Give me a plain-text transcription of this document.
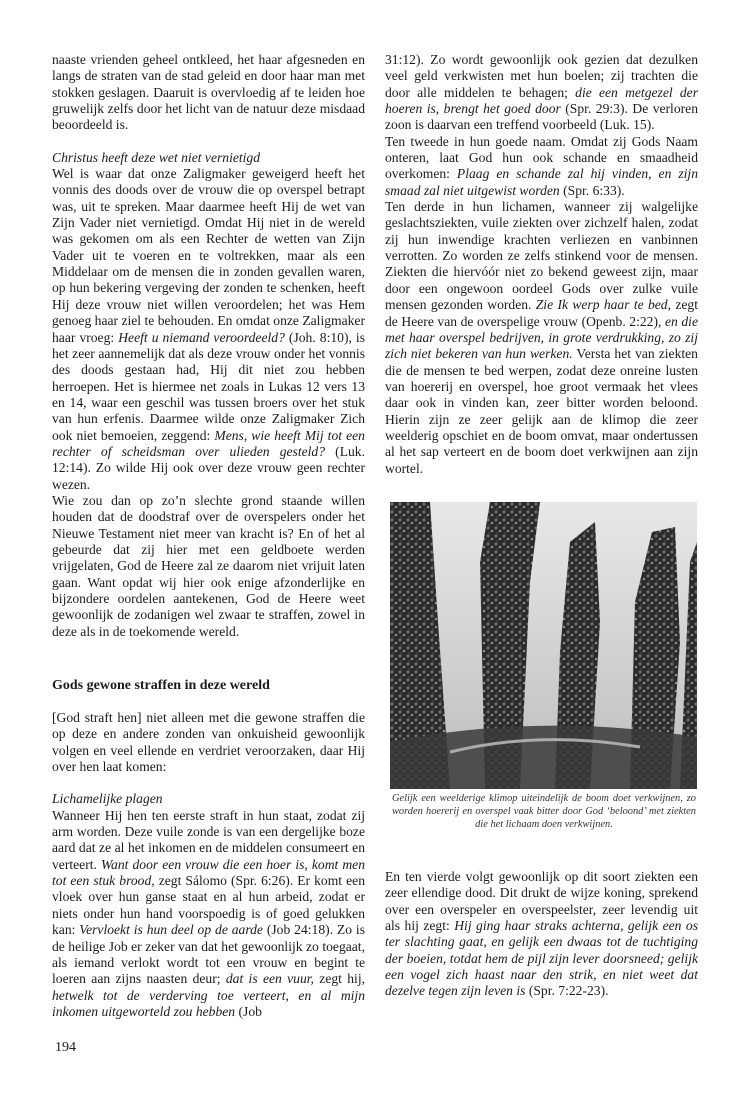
naaste vrienden geheel ontkleed, het haar afgesneden en langs de straten van de stad geleid en door haar man met stokken geslagen. Daaruit is overvloedig af te leiden hoe gruwelijk zelfs door het licht van de natuur deze misdaad beoordeeld is.

Christus heeft deze wet niet vernietigd

Wel is waar dat onze Zaligmaker geweigerd heeft het vonnis des doods over de vrouw die op overspel betrapt was, uit te spreken. Maar daarmee heeft Hij de wet van Zijn Vader niet vernietigd. Omdat Hij niet in de wereld was gekomen om als een Rechter de wetten van Zijn Vader uit te voeren en te voltrekken, maar als een Middelaar om de mensen die in zonden gevallen waren, op hun bekering vergeving der zonden te schenken, heeft Hij deze vrouw niet willen veroordelen; het was Hem genoeg haar ziel te behouden. En omdat onze Zaligmaker haar vroeg: Heeft u niemand veroordeeld? (Joh. 8:10), is het zeer aannemelijk dat als deze vrouw onder het vonnis des doods gestaan had, Hij dit niet zou hebben herroepen. Het is hiermee net zoals in Lukas 12 vers 13 en 14, waar een geschil was tussen broers over het stuk van hun erfenis. Daarmee wilde onze Zaligmaker Zich ook niet bemoeien, zeggend: Mens, wie heeft Mij tot een rechter of scheidsman over ulieden gesteld? (Luk. 12:14). Zo wilde Hij ook over deze vrouw geen rechter wezen.

Wie zou dan op zo’n slechte grond staande willen houden dat de doodstraf over de overspelers onder het Nieuwe Testament niet meer van kracht is? En of het al gebeurde dat zij hier met een geldboete werden vrijgelaten, God de Heere zal ze daarom niet vrijuit laten gaan. Want opdat wij hier ook enige afzonderlijke en bijzondere oordelen aantekenen, God de Heere weet gewoonlijk de zodanigen wel zwaar te straffen, zowel in deze als in de toekomende wereld.

Gods gewone straffen in deze wereld

[God straft hen] niet alleen met die gewone straffen die op deze en andere zonden van onkuisheid gewoonlijk volgen en veel ellende en verdriet veroorzaken, daar Hij over hen laat komen:

Lichamelijke plagen

Wanneer Hij hen ten eerste straft in hun staat, zodat zij arm worden. Deze vuile zonde is van een dergelijke boze aard dat ze al het inkomen en de middelen consumeert en verteert. Want door een vrouw die een hoer is, komt men tot een stuk brood, zegt Sálomo (Spr. 6:26). Er komt een vloek over hun ganse staat en al hun arbeid, zodat er niets onder hun hand voorspoedig is of goed gelukken kan: Vervloekt is hun deel op de aarde (Job 24:18). Zo is de heilige Job er zeker van dat het gewoonlijk zo toegaat, als iemand verlokt wordt tot een vrouw en begint te loeren aan zijns naasten deur; dat is een vuur, zegt hij, hetwelk tot de verderving toe verteert, en al mijn inkomen uitgeworteld zou hebben (Job

194

31:12). Zo wordt gewoonlijk ook gezien dat dezulken veel geld verkwisten met hun boelen; zij trachten die door alle middelen te behagen; die een metgezel der hoeren is, brengt het goed door (Spr. 29:3). De verloren zoon is daarvan een treffend voorbeeld (Luk. 15).

Ten tweede in hun goede naam. Omdat zij Gods Naam onteren, laat God hun ook schande en smaadheid overkomen: Plaag en schande zal hij vinden, en zijn smaad zal niet uitgewist worden (Spr. 6:33).

Ten derde in hun lichamen, wanneer zij walgelijke geslachtsziekten, vuile ziekten over zichzelf halen, zodat zij hun inwendige krachten verliezen en vanbinnen verrotten. Zo worden ze zelfs stinkend voor de mensen. Ziekten die hiervóór niet zo bekend geweest zijn, maar door een ongewoon oordeel Gods over zulke vuile mensen gezonden worden. Zie Ik werp haar te bed, zegt de Heere van de overspelige vrouw (Openb. 2:22), en die met haar overspel bedrijven, in grote verdrukking, zo zij zich niet bekeren van hun werken. Versta het van ziekten die de mensen te bed werpen, zodat deze onreine lusten van hoererij en overspel, hoe groot vermaak het vlees daar ook in vinden kan, zeer bitter worden beloond. Hierin zijn ze zeer gelijk aan de klimop die zeer weelderig opschiet en de boom omvat, maar ondertussen al het sap verteert en de boom doet verkwijnen aan zijn wortel.

Gelijk een weelderige klimop uiteindelijk de boom doet verkwijnen, zo worden hoererij en overspel vaak bitter door God ‘beloond’ met ziekten die het lichaam doen verkwijnen.

En ten vierde volgt gewoonlijk op dit soort ziekten een zeer ellendige dood. Dit drukt de wijze koning, sprekend over een overspeler en overspeelster, zeer levendig uit als hij zegt: Hij ging haar straks achterna, gelijk een os ter slachting gaat, en gelijk een dwaas tot de tuchtiging der boeien, totdat hem de pijl zijn lever doorsneed; gelijk een vogel zich haast naar den strik, en niet weet dat dezelve tegen zijn leven is (Spr. 7:22-23).
